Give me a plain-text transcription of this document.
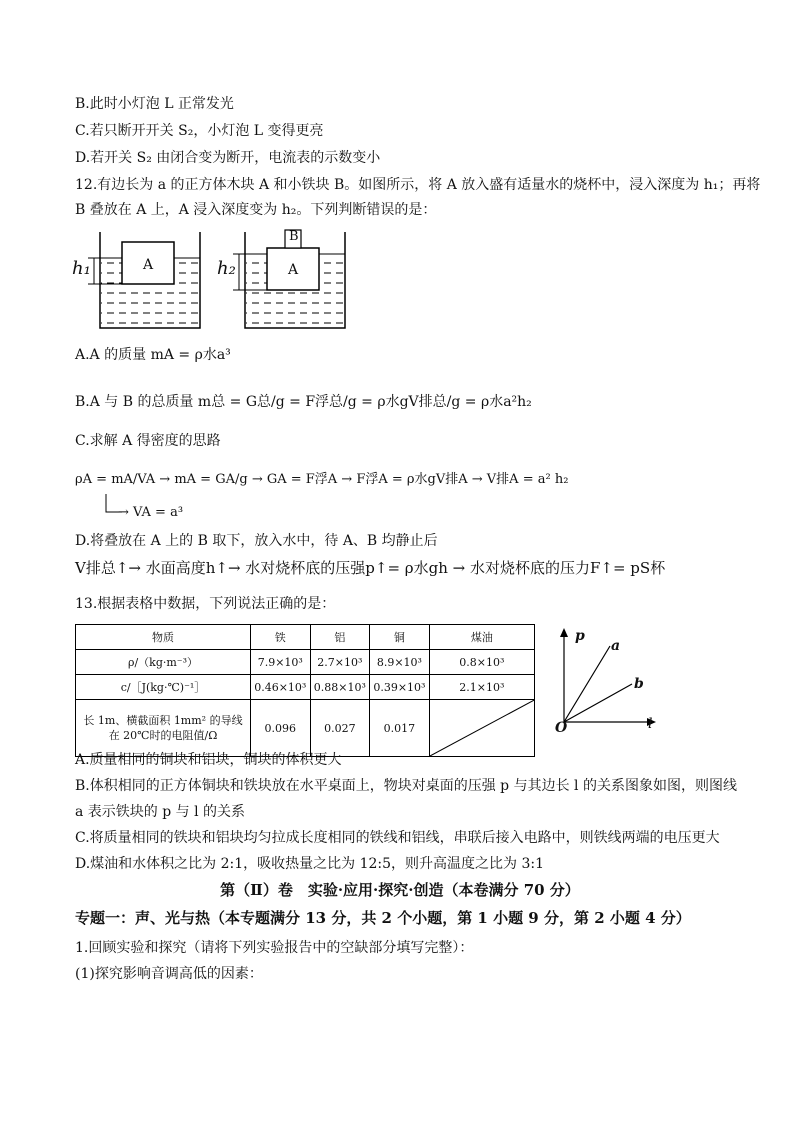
B.此时小灯泡 L 正常发光
C.若只断开开关 S₂，小灯泡 L 变得更亮
D.若开关 S₂ 由闭合变为断开，电流表的示数变小
12.有边长为 a 的正方体木块 A 和小铁块 B。如图所示，将 A 放入盛有适量水的烧杯中，浸入深度为 h₁；再将
B 叠放在 A 上，A 浸入深度变为 h₂。下列判断错误的是：
h₁	A	h₂	A
B
A.A 的质量 mA = ρ水a³
B.A 与 B 的总质量 m总 = G总/g = F浮总/g = ρ水gV排总/g = ρ水a²h₂
C.求解 A 得密度的思路
ρA = mA/VA → mA = GA/g → GA = F浮A → F浮A = ρ水gV排A → V排A = a² h₂
→ VA = a³
D.将叠放在 A 上的 B 取下，放入水中，待 A、B 均静止后
V排总↑→ 水面高度h↑→ 水对烧杯底的压强p↑= ρ水gh → 水对烧杯底的压力F↑= pS杯
13.根据表格中数据，下列说法正确的是：
物质	铁	铝	铜	煤油
ρ/（kg·m⁻³）	7.9×10³	2.7×10³	8.9×10³	0.8×10³
c/［J(kg·℃)⁻¹］	0.46×10³	0.88×10³	0.39×10³	2.1×10³
长 1m、横截面积 1mm² 的导线在 20℃时的电阻值/Ω	0.096	0.027	0.017	
p
l
O
a
b
A.质量相同的铜块和铝块，铜块的体积更大
B.体积相同的正方体铜块和铁块放在水平桌面上，物块对桌面的压强 p 与其边长 l 的关系图象如图，则图线
a 表示铁块的 p 与 l 的关系
C.将质量相同的铁块和铝块均匀拉成长度相同的铁线和铝线，串联后接入电路中，则铁线两端的电压更大
D.煤油和水体积之比为 2:1，吸收热量之比为 12:5，则升高温度之比为 3:1
第（Ⅱ）卷　实验·应用·探究·创造（本卷满分 70 分）
专题一：声、光与热（本专题满分 13 分，共 2 个小题，第 1 小题 9 分，第 2 小题 4 分）
1.回顾实验和探究（请将下列实验报告中的空缺部分填写完整）：
(1)探究影响音调高低的因素：
